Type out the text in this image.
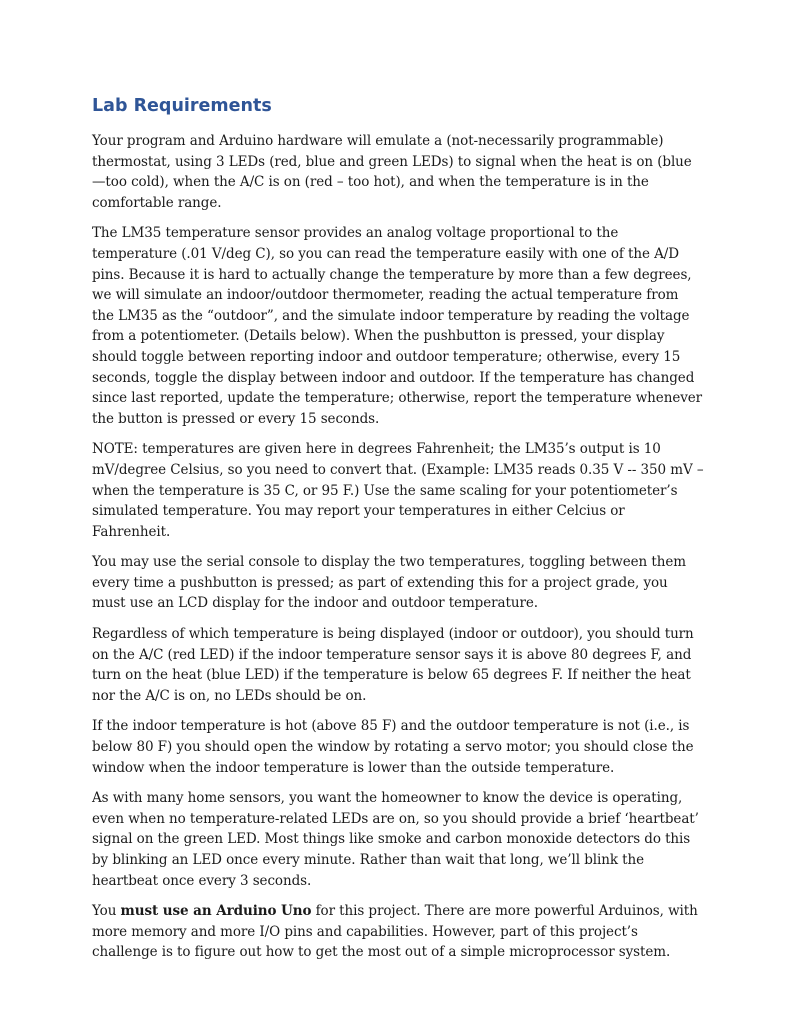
Lab Requirements

Your program and Arduino hardware will emulate a (not-necessarily programmable) thermostat, using 3 LEDs (red, blue and green LEDs) to signal when the heat is on (blue—too cold), when the A/C is on (red – too hot), and when the temperature is in the comfortable range.

The LM35 temperature sensor provides an analog voltage proportional to the temperature (.01 V/deg C), so you can read the temperature easily with one of the A/D pins. Because it is hard to actually change the temperature by more than a few degrees, we will simulate an indoor/outdoor thermometer, reading the actual temperature from the LM35 as the “outdoor”, and the simulate indoor temperature by reading the voltage from a potentiometer. (Details below). When the pushbutton is pressed, your display should toggle between reporting indoor and outdoor temperature; otherwise, every 15 seconds, toggle the display between indoor and outdoor. If the temperature has changed since last reported, update the temperature; otherwise, report the temperature whenever the button is pressed or every 15 seconds.

NOTE: temperatures are given here in degrees Fahrenheit; the LM35’s output is 10 mV/degree Celsius, so you need to convert that. (Example: LM35 reads 0.35 V -- 350 mV – when the temperature is 35 C, or 95 F.) Use the same scaling for your potentiometer’s simulated temperature. You may report your temperatures in either Celcius or Fahrenheit.

You may use the serial console to display the two temperatures, toggling between them every time a pushbutton is pressed; as part of extending this for a project grade, you must use an LCD display for the indoor and outdoor temperature.

Regardless of which temperature is being displayed (indoor or outdoor), you should turn on the A/C (red LED) if the indoor temperature sensor says it is above 80 degrees F, and turn on the heat (blue LED) if the temperature is below 65 degrees F. If neither the heat nor the A/C is on, no LEDs should be on.

If the indoor temperature is hot (above 85 F) and the outdoor temperature is not (i.e., is below 80 F) you should open the window by rotating a servo motor; you should close the window when the indoor temperature is lower than the outside temperature.

As with many home sensors, you want the homeowner to know the device is operating, even when no temperature-related LEDs are on, so you should provide a brief ‘heartbeat’ signal on the green LED. Most things like smoke and carbon monoxide detectors do this by blinking an LED once every minute. Rather than wait that long, we’ll blink the heartbeat once every 3 seconds.

You must use an Arduino Uno for this project. There are more powerful Arduinos, with more memory and more I/O pins and capabilities. However, part of this project’s challenge is to figure out how to get the most out of a simple microprocessor system.
